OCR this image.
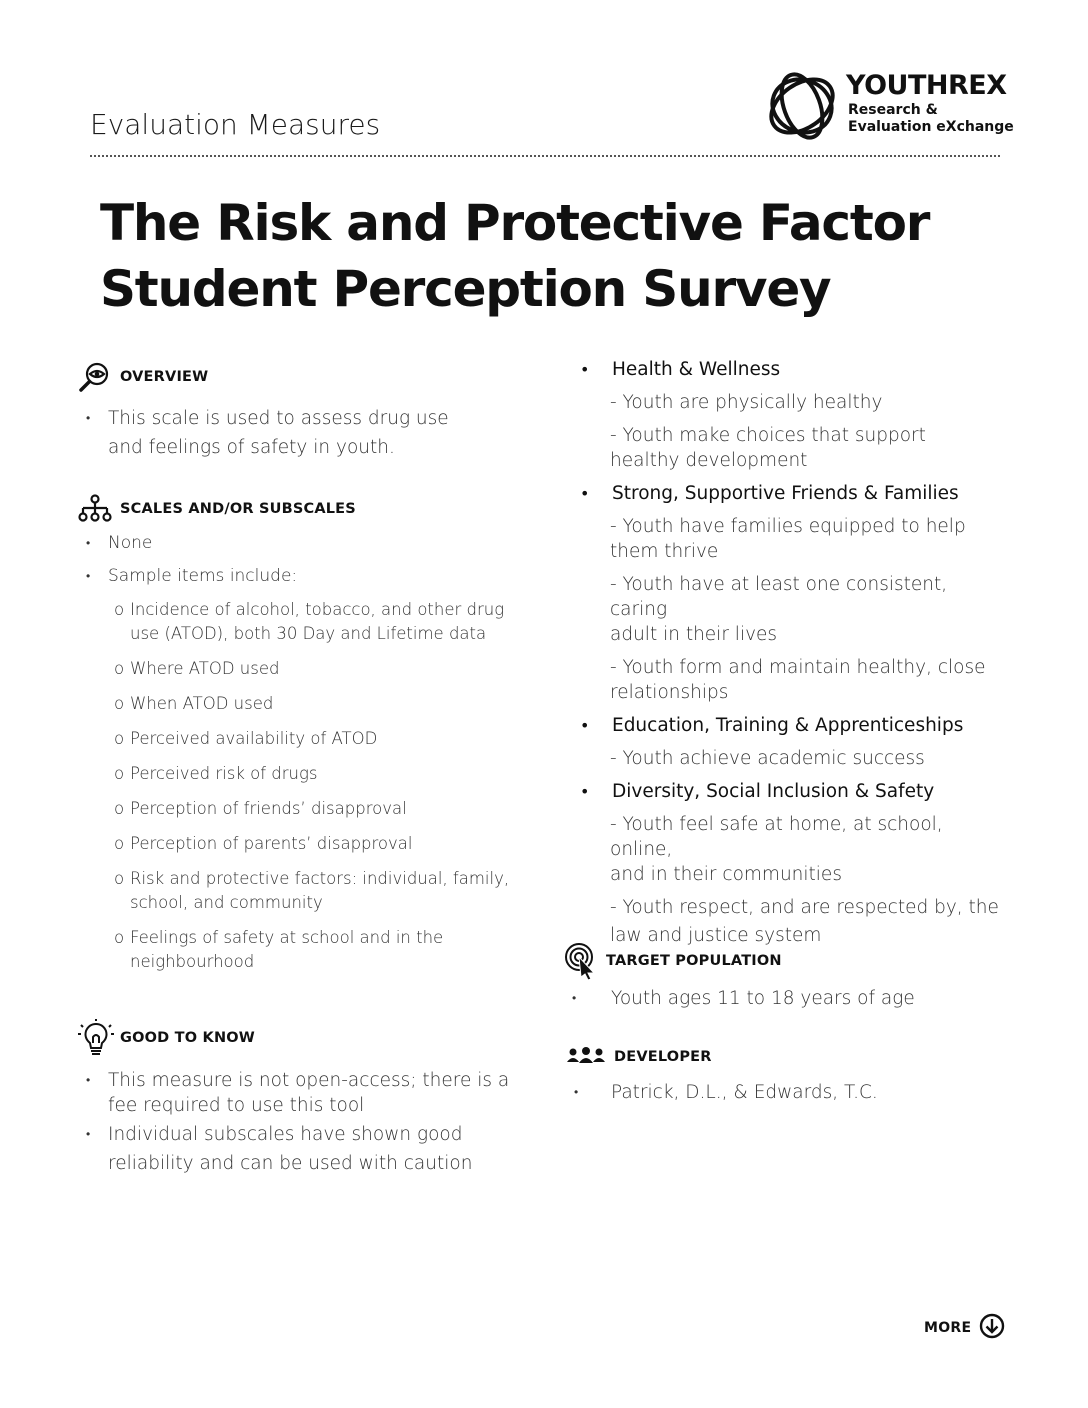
Evaluation Measures
YOUTHREX
Research &
Evaluation eXchange
The Risk and Protective Factor
Student Perception Survey
OVERVIEW
• This scale is used to assess drug use and feelings of safety in youth.
SCALES AND/OR SUBSCALES
• None
• Sample items include:
o Incidence of alcohol, tobacco, and other drug
use (ATOD), both 30 Day and Lifetime data
o Where ATOD used
o When ATOD used
o Perceived availability of ATOD
o Perceived risk of drugs
o Perception of friends’ disapproval
o Perception of parents’ disapproval
o Risk and protective factors: individual, family,
school, and community
o Feelings of safety at school and in the
neighbourhood
GOOD TO KNOW
• This measure is not open-access; there is a
fee required to use this tool
• Individual subscales have shown good
reliability and can be used with caution
• Health & Wellness
- Youth are physically healthy
- Youth make choices that support
healthy development
• Strong, Supportive Friends & Families
- Youth have families equipped to help
them thrive
- Youth have at least one consistent, caring
adult in their lives
- Youth form and maintain healthy, close
relationships
• Education, Training & Apprenticeships
- Youth achieve academic success
• Diversity, Social Inclusion & Safety
- Youth feel safe at home, at school, online,
and in their communities
- Youth respect, and are respected by, the
law and justice system
TARGET POPULATION
• Youth ages 11 to 18 years of age
DEVELOPER
• Patrick, D.L., & Edwards, T.C.
MORE
